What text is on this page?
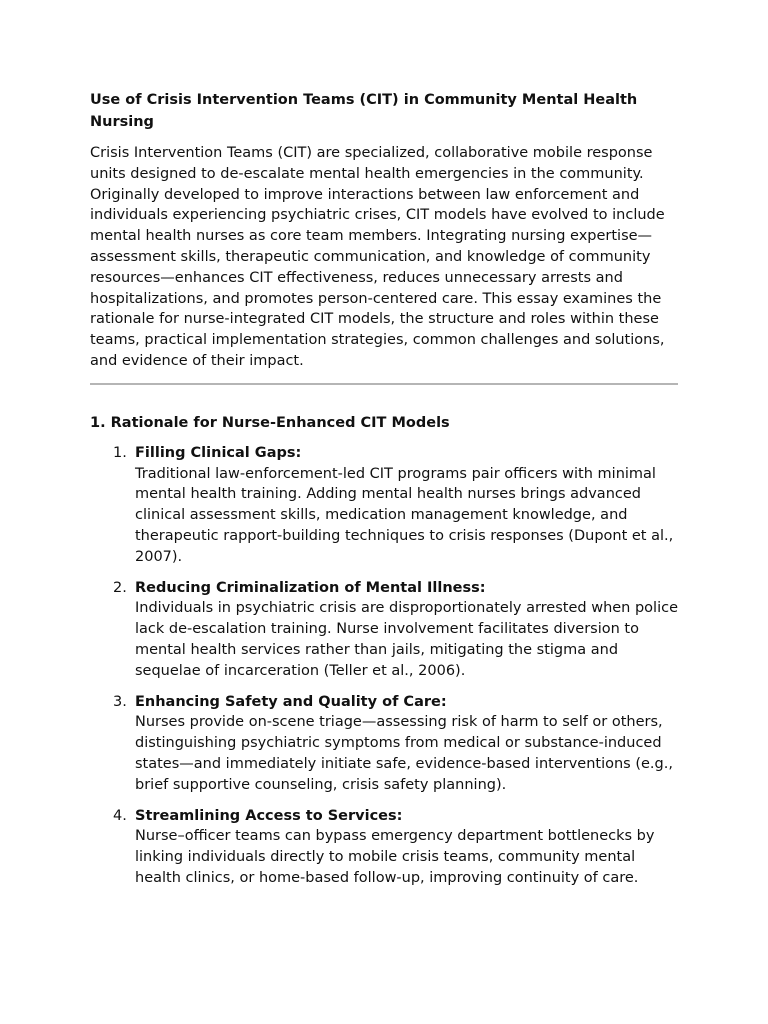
Use of Crisis Intervention Teams (CIT) in Community Mental Health Nursing

Crisis Intervention Teams (CIT) are specialized, collaborative mobile response units designed to de-escalate mental health emergencies in the community. Originally developed to improve interactions between law enforcement and individuals experiencing psychiatric crises, CIT models have evolved to include mental health nurses as core team members. Integrating nursing expertise—assessment skills, therapeutic communication, and knowledge of community resources—enhances CIT effectiveness, reduces unnecessary arrests and hospitalizations, and promotes person-centered care. This essay examines the rationale for nurse-integrated CIT models, the structure and roles within these teams, practical implementation strategies, common challenges and solutions, and evidence of their impact.

1. Rationale for Nurse-Enhanced CIT Models
1. Filling Clinical Gaps:
Traditional law-enforcement-led CIT programs pair officers with minimal mental health training. Adding mental health nurses brings advanced clinical assessment skills, medication management knowledge, and therapeutic rapport-building techniques to crisis responses (Dupont et al., 2007).
2. Reducing Criminalization of Mental Illness:
Individuals in psychiatric crisis are disproportionately arrested when police lack de-escalation training. Nurse involvement facilitates diversion to mental health services rather than jails, mitigating the stigma and sequelae of incarceration (Teller et al., 2006).
3. Enhancing Safety and Quality of Care:
Nurses provide on-scene triage—assessing risk of harm to self or others, distinguishing psychiatric symptoms from medical or substance-induced states—and immediately initiate safe, evidence-based interventions (e.g., brief supportive counseling, crisis safety planning).
4. Streamlining Access to Services:
Nurse–officer teams can bypass emergency department bottlenecks by linking individuals directly to mobile crisis teams, community mental health clinics, or home-based follow-up, improving continuity of care.
